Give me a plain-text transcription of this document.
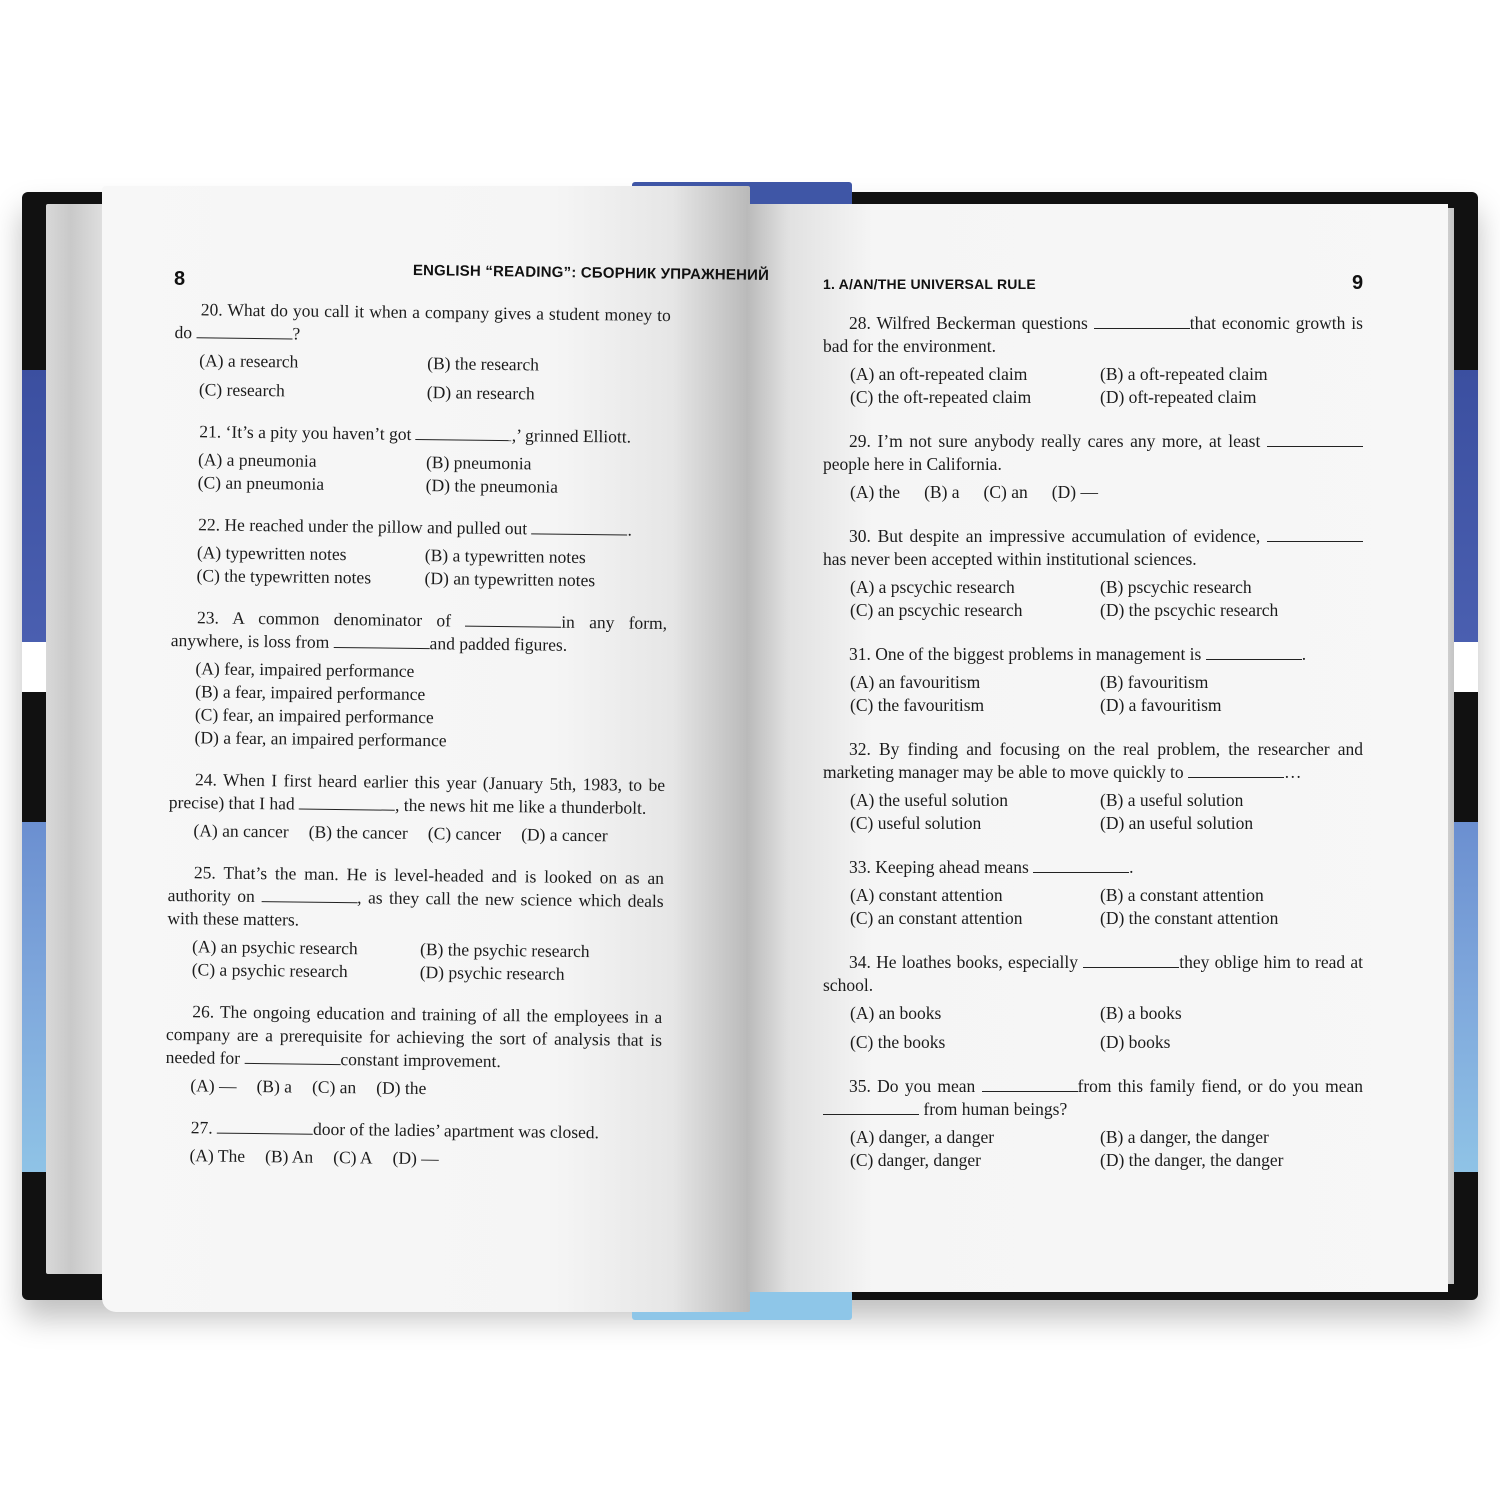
8	ENGLISH “READING”: СБОРНИК УПРАЖНЕНИЙ
1. A/AN/THE UNIVERSAL RULE	9

20. What do you call it when a company gives a student money to do	?

(A) a research	(B) the research
(C) research	(D) an research

21. ‘It’s a pity you haven’t got	,’ grinned Elliott.

(A) a pneumonia	(B) pneumonia
(C) an pneumonia	(D) the pneumonia

22. He reached under the pillow and pulled out	.

(A) typewritten notes	(B) a typewritten notes
(C) the typewritten notes	(D) an typewritten notes

23. A common denominator of	in any form, anywhere, is loss from	and padded figures.

(A) fear, impaired performance
(B) a fear, impaired performance
(C) fear, an impaired performance
(D) a fear, an impaired performance

24. When I first heard earlier this year (January 5th, 1983, to be precise) that I had	, the news hit me like a thunderbolt.

(A) an cancer (B) the cancer (C) cancer (D) a cancer

25. That’s the man. He is level-headed and is looked on as an authority on	, as they call the new science which deals with these matters.

(A) an psychic research	(B) the psychic research
(C) a psychic research	(D) psychic research

26. The ongoing education and training of all the employees in a company are a prerequisite for achieving the sort of analysis that is needed for	constant improvement.

(A) — (B) a (C) an (D) the

27.	door of the ladies’ apartment was closed.

(A) The (B) An (C) A (D) —

28. Wilfred Beckerman questions	that economic growth is bad for the environment.

(A) an oft-repeated claim	(B) a oft-repeated claim
(C) the oft-repeated claim	(D) oft-repeated claim

29. I’m not sure anybody really cares any more, at least people here in California.

(A) the (B) a (C) an (D) —

30. But despite an impressive accumulation of evidence, has never been accepted within institutional sciences.

(A) a pscychic research	(B) pscychic research
(C) an pscychic research	(D) the pscychic research

31. One of the biggest problems in management is	.

(A) an favouritism	(B) favouritism
(C) the favouritism	(D) a favouritism

32. By finding and focusing on the real problem, the researcher and marketing manager may be able to move quickly to	…

(A) the useful solution	(B) a useful solution
(C) useful solution	(D) an useful solution

33. Keeping ahead means	.

(A) constant attention	(B) a constant attention
(C) an constant attention	(D) the constant attention

34. He loathes books, especially	they oblige him to read at school.

(A) an books	(B) a books
(C) the books	(D) books

35. Do you mean	from this family fiend, or do you mean  from human beings?

(A) danger, a danger	(B) a danger, the danger
(C) danger, danger	(D) the danger, the danger
